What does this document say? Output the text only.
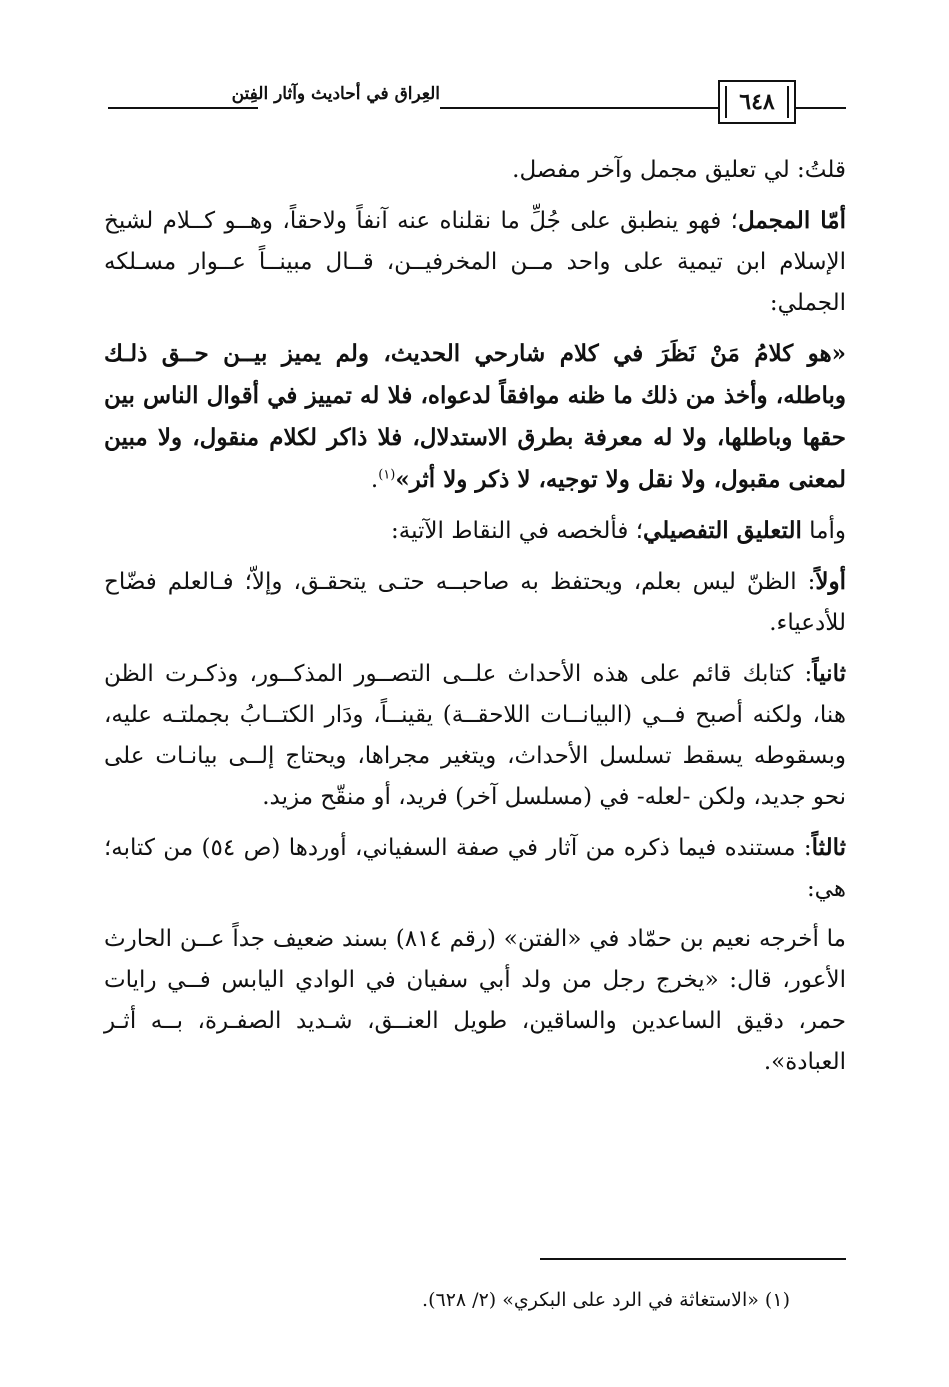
العِراق في أحاديث وآثار الفِتن	٦٤٨

قلتُ: لي تعليق مجمل وآخر مفصل.

أمّا المجمل؛ فهو ينطبق على جُلِّ ما نقلناه عنه آنفاً ولاحقاً، وهــو كــلام لشيخ الإسلام ابن تيمية على واحد مــن المخرفيــن، قــال مبينــاً عــوار مسـلكه الجملي:

«هو كلامُ مَنْ نَظَرَ في كلام شارحي الحديث، ولم يميز بيــن حــق ذلـك وباطله، وأخذ من ذلك ما ظنه موافقاً لدعواه، فلا له تمييز في أقوال الناس بين حقها وباطلها، ولا له معرفة بطرق الاستدلال، فلا ذاكر لكلام منقول، ولا مبين لمعنى مقبول، ولا نقل ولا توجيه، لا ذكر ولا أثر»$^{(١)}$.

وأما التعليق التفصيلي؛ فألخصه في النقاط الآتية:

أولاً: الظنّ ليس بعلم، ويحتفظ به صاحبــه حتـى يتحقـق، وإلاّ؛ فـالعلم فضّاح للأدعياء.

ثانياً: كتابك قائم على هذه الأحداث علــى التصــور المذكــور، وذكـرت الظن هنا، ولكنه أصبح فــي (البيانــات اللاحقــة) يقينــاً، ودَار الكتــابُ بجملتـه عليه، وبسقوطه يسقط تسلسل الأحداث، ويتغير مجراها، ويحتاج إلــى بيانـات على نحو جديد، ولكن -لعله- في (مسلسل آخر) فريد، أو منقّح مزيد.

ثالثاً: مستنده فيما ذكره من آثار في صفة السفياني، أوردها (ص ٥٤) من كتابه؛ هي:

ما أخرجه نعيم بن حمّاد في «الفتن» (رقم ٨١٤) بسند ضعيف جداً عــن الحارث الأعور، قال: «يخرج رجل من ولد أبي سفيان في الوادي اليابس فــي رايات حمر، دقيق الساعدين والساقين، طويل العنــق، شـديد الصفـرة، بــه أثـر العبادة».

(١) «الاستغاثة في الرد على البكري» (٢/ ٦٢٨).
